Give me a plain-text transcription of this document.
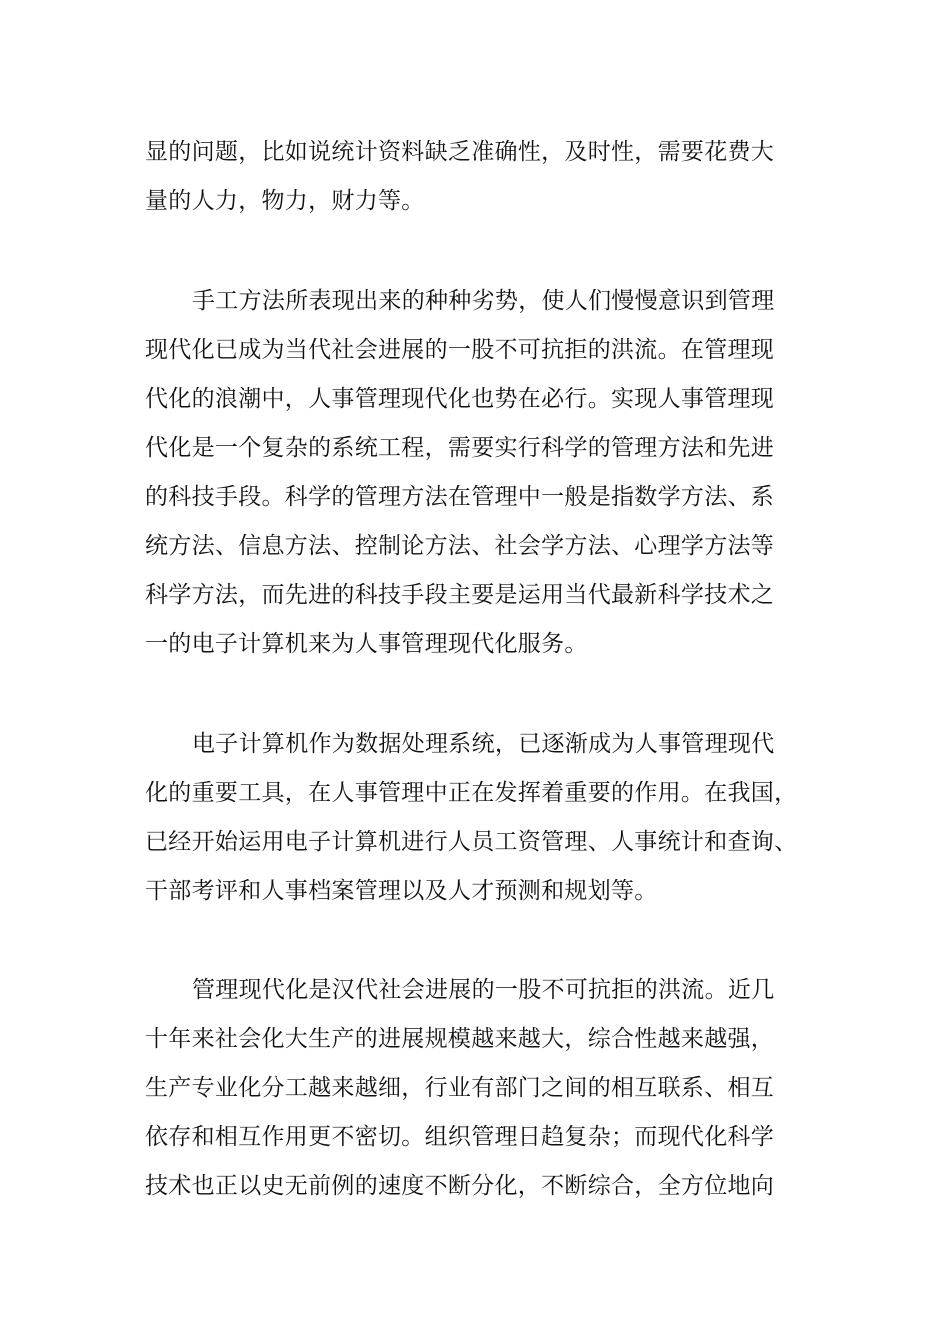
显的问题，比如说统计资料缺乏准确性，及时性，需要花费大
量的人力，物力，财力等。
手工方法所表现出来的种种劣势，使人们慢慢意识到管理
现代化已成为当代社会进展的一股不可抗拒的洪流。在管理现
代化的浪潮中，人事管理现代化也势在必行。实现人事管理现
代化是一个复杂的系统工程，需要实行科学的管理方法和先进
的科技手段。科学的管理方法在管理中一般是指数学方法、系
统方法、信息方法、控制论方法、社会学方法、心理学方法等
科学方法，而先进的科技手段主要是运用当代最新科学技术之
一的电子计算机来为人事管理现代化服务。
电子计算机作为数据处理系统，已逐渐成为人事管理现代
化的重要工具，在人事管理中正在发挥着重要的作用。在我国，
已经开始运用电子计算机进行人员工资管理、人事统计和查询、
干部考评和人事档案管理以及人才预测和规划等。
管理现代化是汉代社会进展的一股不可抗拒的洪流。近几
十年来社会化大生产的进展规模越来越大，综合性越来越强，
生产专业化分工越来越细，行业有部门之间的相互联系、相互
依存和相互作用更不密切。组织管理日趋复杂；而现代化科学
技术也正以史无前例的速度不断分化，不断综合，全方位地向
